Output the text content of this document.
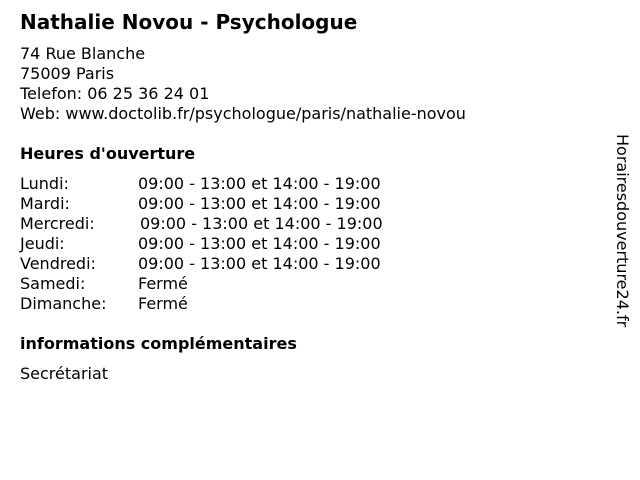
Nathalie Novou - Psychologue
74 Rue Blanche
75009 Paris
Telefon: 06 25 36 24 01
Web: www.doctolib.fr/psychologue/paris/nathalie-novou
Heures d'ouverture
Lundi:	09:00 - 13:00 et 14:00 - 19:00
Mardi:	09:00 - 13:00 et 14:00 - 19:00
Mercredi:	09:00 - 13:00 et 14:00 - 19:00
Jeudi:	09:00 - 13:00 et 14:00 - 19:00
Vendredi:	09:00 - 13:00 et 14:00 - 19:00
Samedi:	Fermé
Dimanche: Fermé
informations complémentaires
Secrétariat
Horairesdouverture24.fr
